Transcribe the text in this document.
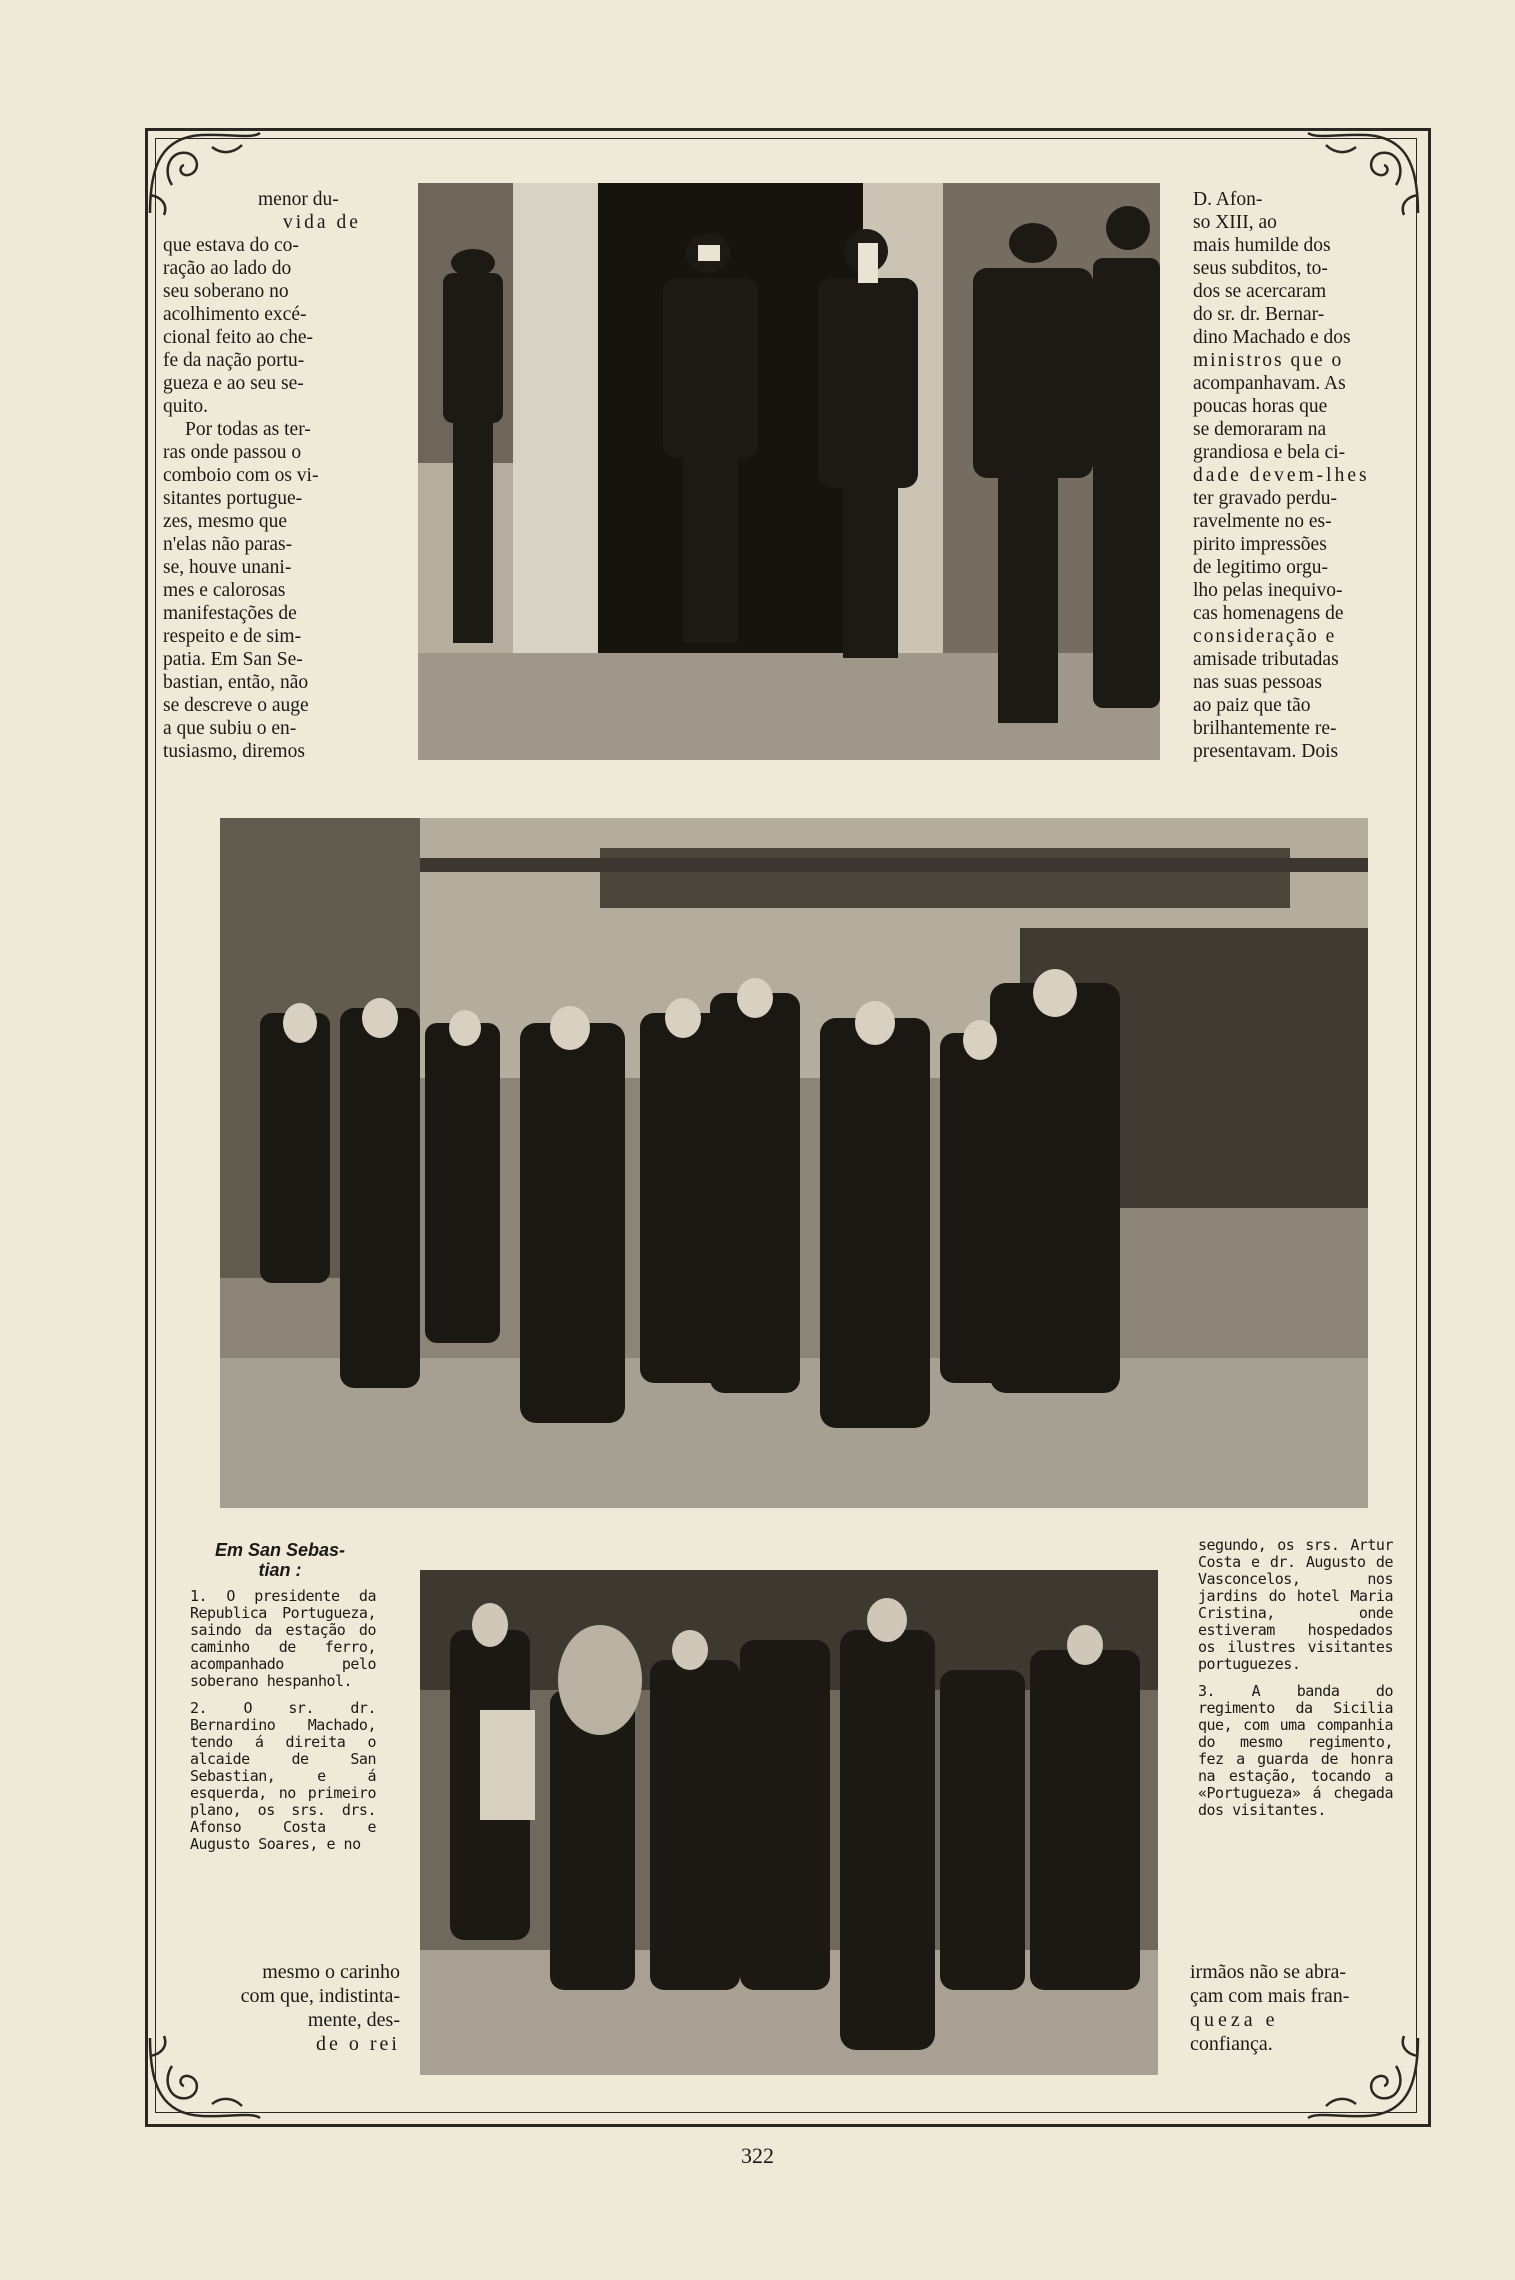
menor du-

vida de

que estava do co-

ração ao lado do

seu soberano no

acolhimento excé-

cional feito ao che-

fe da nação portu-

gueza e ao seu se-

quito.

Por todas as ter-

ras onde passou o

comboio com os vi-

sitantes portugue-

zes, mesmo que

n'elas não paras-

se, houve unani-

mes e calorosas

manifestações de

respeito e de sim-

patia. Em San Se-

bastian, então, não

se descreve o auge

a que subiu o en-

tusiasmo, diremos

D. Afon-

so XIII, ao

mais humilde dos

seus subditos, to-

dos se acercaram

do sr. dr. Bernar-

dino Machado e dos

ministros que o

acompanhavam. As

poucas horas que

se demoraram na

grandiosa e bela ci-

dade devem-lhes

ter gravado perdu-

ravelmente no es-

pirito impressões

de legitimo orgu-

lho pelas inequivo-

cas homenagens de

consideração e

amisade tributadas

nas suas pessoas

ao paiz que tão

brilhantemente re-

presentavam. Dois

Em San Sebas-
tian :

1. O presidente da Republica Portugueza, saindo da estação do caminho de ferro, acompanhado pelo soberano hespanhol.

2. O sr. dr. Bernardino Machado, tendo á direita o alcaide de San Sebastian, e á esquerda, no primeiro plano, os srs. drs. Afonso Costa e Augusto Soares, e no

segundo, os srs. Artur Costa e dr. Augusto de Vasconcelos, nos jardins do hotel Maria Cristina, onde estiveram hospedados os ilustres visitantes portuguezes.

3. A banda do regimento da Sicilia que, com uma companhia do mesmo regimento, fez a guarda de honra na estação, tocando a «Portugueza» á chegada dos visitantes.

mesmo o carinho
com que, indistinta-
mente, des-
de o rei
irmãos não se abra-
çam com mais fran-
queza e
confiança.
322
